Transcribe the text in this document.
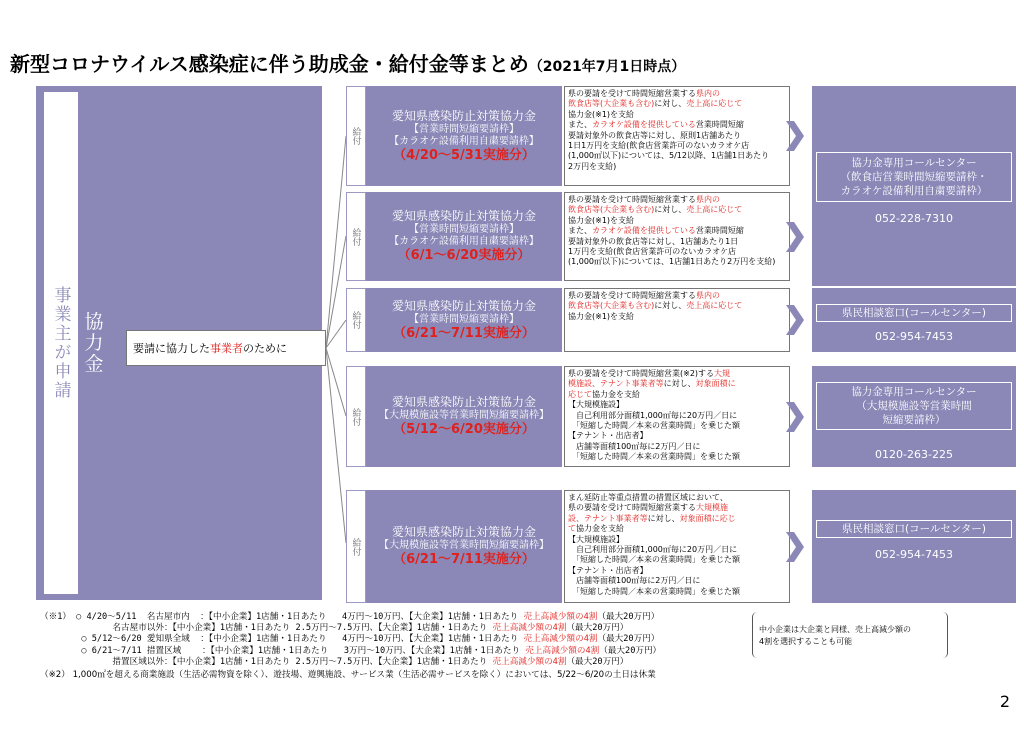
新型コロナウイルス感染症に伴う助成金・給付金等まとめ（2021年7月1日時点）
事業主が申請 協力金	要請に協力した事業者のために
給付
愛知県感染防止対策協力金
【営業時間短縮要請枠】
【カラオケ設備利用自粛要請枠】
（4/20〜5/31実施分）
県の要請を受けて時間短縮営業する県内の
飲食店等(大企業も含む)に対し、売上高に応じて
協力金(※1)を支給
また、カラオケ設備を提供している営業時間短縮
要請対象外の飲食店等に対し、原則1店舗あたり
1日1万円を支給(飲食店営業許可のないカラオケ店
(1,000㎡以下)については、5/12以降、1店舗1日あたり
2万円を支給)
給付
愛知県感染防止対策協力金
【営業時間短縮要請枠】
【カラオケ設備利用自粛要請枠】
（6/1〜6/20実施分）
県の要請を受けて時間短縮営業する県内の
飲食店等(大企業も含む)に対し、売上高に応じて
協力金(※1)を支給
また、カラオケ設備を提供している営業時間短縮
要請対象外の飲食店等に対し、1店舗あたり1日
1万円を支給(飲食店営業許可のないカラオケ店
(1,000㎡以下)については、1店舗1日あたり2万円を支給)
給付
愛知県感染防止対策協力金
【営業時間短縮要請枠】
（6/21〜7/11実施分）
県の要請を受けて時間短縮営業する県内の
飲食店等(大企業も含む)に対し、売上高に応じて
協力金(※1)を支給
給付
愛知県感染防止対策協力金
【大規模施設等営業時間短縮要請枠】
（5/12〜6/20実施分）
県の要請を受けて時間短縮営業(※2)する大規
模施設、テナント事業者等に対し、対象面積に
応じて協力金を支給
【大規模施設】
　自己利用部分面積1,000㎡毎に20万円／日に
　「短縮した時間／本来の営業時間」を乗じた額
【テナント・出店者】
　店舗等面積100㎡毎に2万円／日に
　「短縮した時間／本来の営業時間」を乗じた額
給付
愛知県感染防止対策協力金
【大規模施設等営業時間短縮要請枠】
（6/21〜7/11実施分）
まん延防止等重点措置の措置区域において、
県の要請を受けて時間短縮営業する大規模施
設、テナント事業者等に対し、対象面積に応じ
て協力金を支給
【大規模施設】
　自己利用部分面積1,000㎡毎に20万円／日に
　「短縮した時間／本来の営業時間」を乗じた額
【テナント・出店者】
　店舗等面積100㎡毎に2万円／日に
　「短縮した時間／本来の営業時間」を乗じた額
協力金専用コールセンター
（飲食店営業時間短縮要請枠・
カラオケ設備利用自粛要請枠）
052-228-7310
県民相談窓口(コールセンター)
052-954-7453
協力金専用コールセンター
（大規模施設等営業時間
短縮要請枠）
0120-263-225
県民相談窓口(コールセンター)
052-954-7453
（※1） ○ 4/20〜5/11  名古屋市内  ：【中小企業】1店舗・1日あたり   4万円〜10万円、【大企業】1店舗・1日あたり 売上高減少額の4割（最大20万円）
名古屋市以外：【中小企業】1店舗・1日あたり 2.5万円〜7.5万円、【大企業】1店舗・1日あたり 売上高減少額の4割（最大20万円）
○ 5/12〜6/20 愛知県全域  ：【中小企業】1店舗・1日あたり   4万円〜10万円、【大企業】1店舗・1日あたり 売上高減少額の4割（最大20万円）
○ 6/21〜7/11 措置区域    ：【中小企業】1店舗・1日あたり   3万円〜10万円、【大企業】1店舗・1日あたり 売上高減少額の4割（最大20万円）
措置区域以外：【中小企業】1店舗・1日あたり 2.5万円〜7.5万円、【大企業】1店舗・1日あたり 売上高減少額の4割（最大20万円）
中小企業は大企業と同様、売上高減少額の
4割を選択することも可能
（※2） 1,000㎡を超える商業施設（生活必需物資を除く）、遊技場、遊興施設、サービス業（生活必需サービスを除く）においては、5/22〜6/20の土日は休業
2
